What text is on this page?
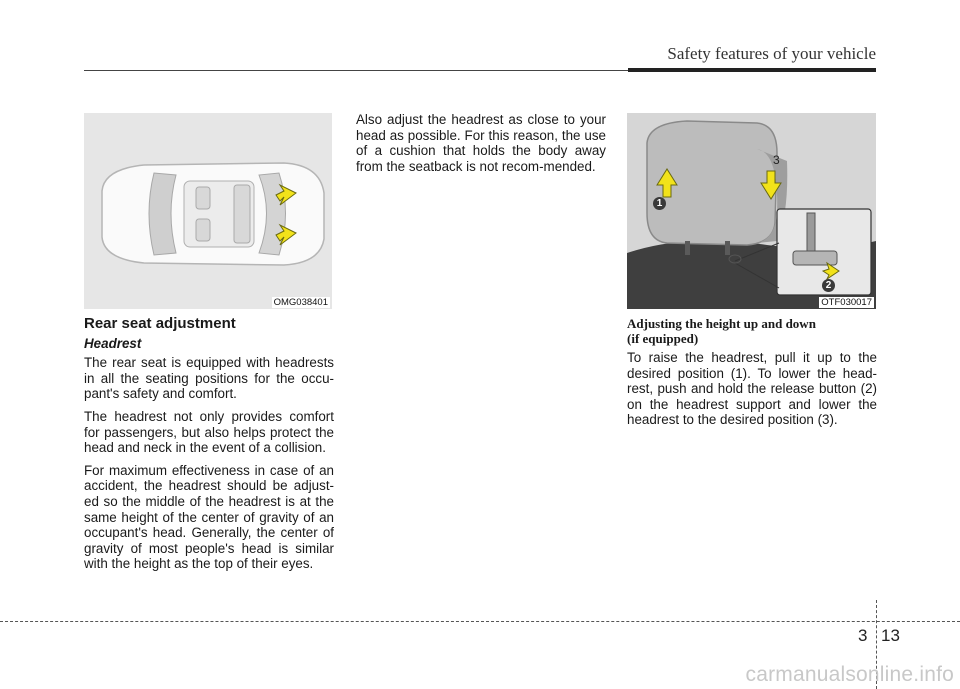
Safety features of your vehicle
OMG038401
1
2
3
OTF030017
Rear seat adjustment
Headrest

The rear seat is equipped with headrests in all the seating positions for the occu-pant's safety and comfort.

The headrest not only provides comfort for passengers, but also helps protect the head and neck in the event of a collision.

For maximum effectiveness in case of an accident, the headrest should be adjust-ed so the middle of the headrest is at the same height of the center of gravity of an occupant's head. Generally, the center of gravity of most people's head is similar with the height as the top of their eyes.

Also adjust the headrest as close to your head as possible. For this reason, the use of a cushion that holds the body away from the seatback is not recom-mended.

Adjusting the height up and down
(if equipped)

To raise the headrest, pull it up to the desired position (1). To lower the head-rest, push and hold the release button (2) on the headrest support and lower the headrest to the desired position (3).

3 13
carmanualsonline.info
